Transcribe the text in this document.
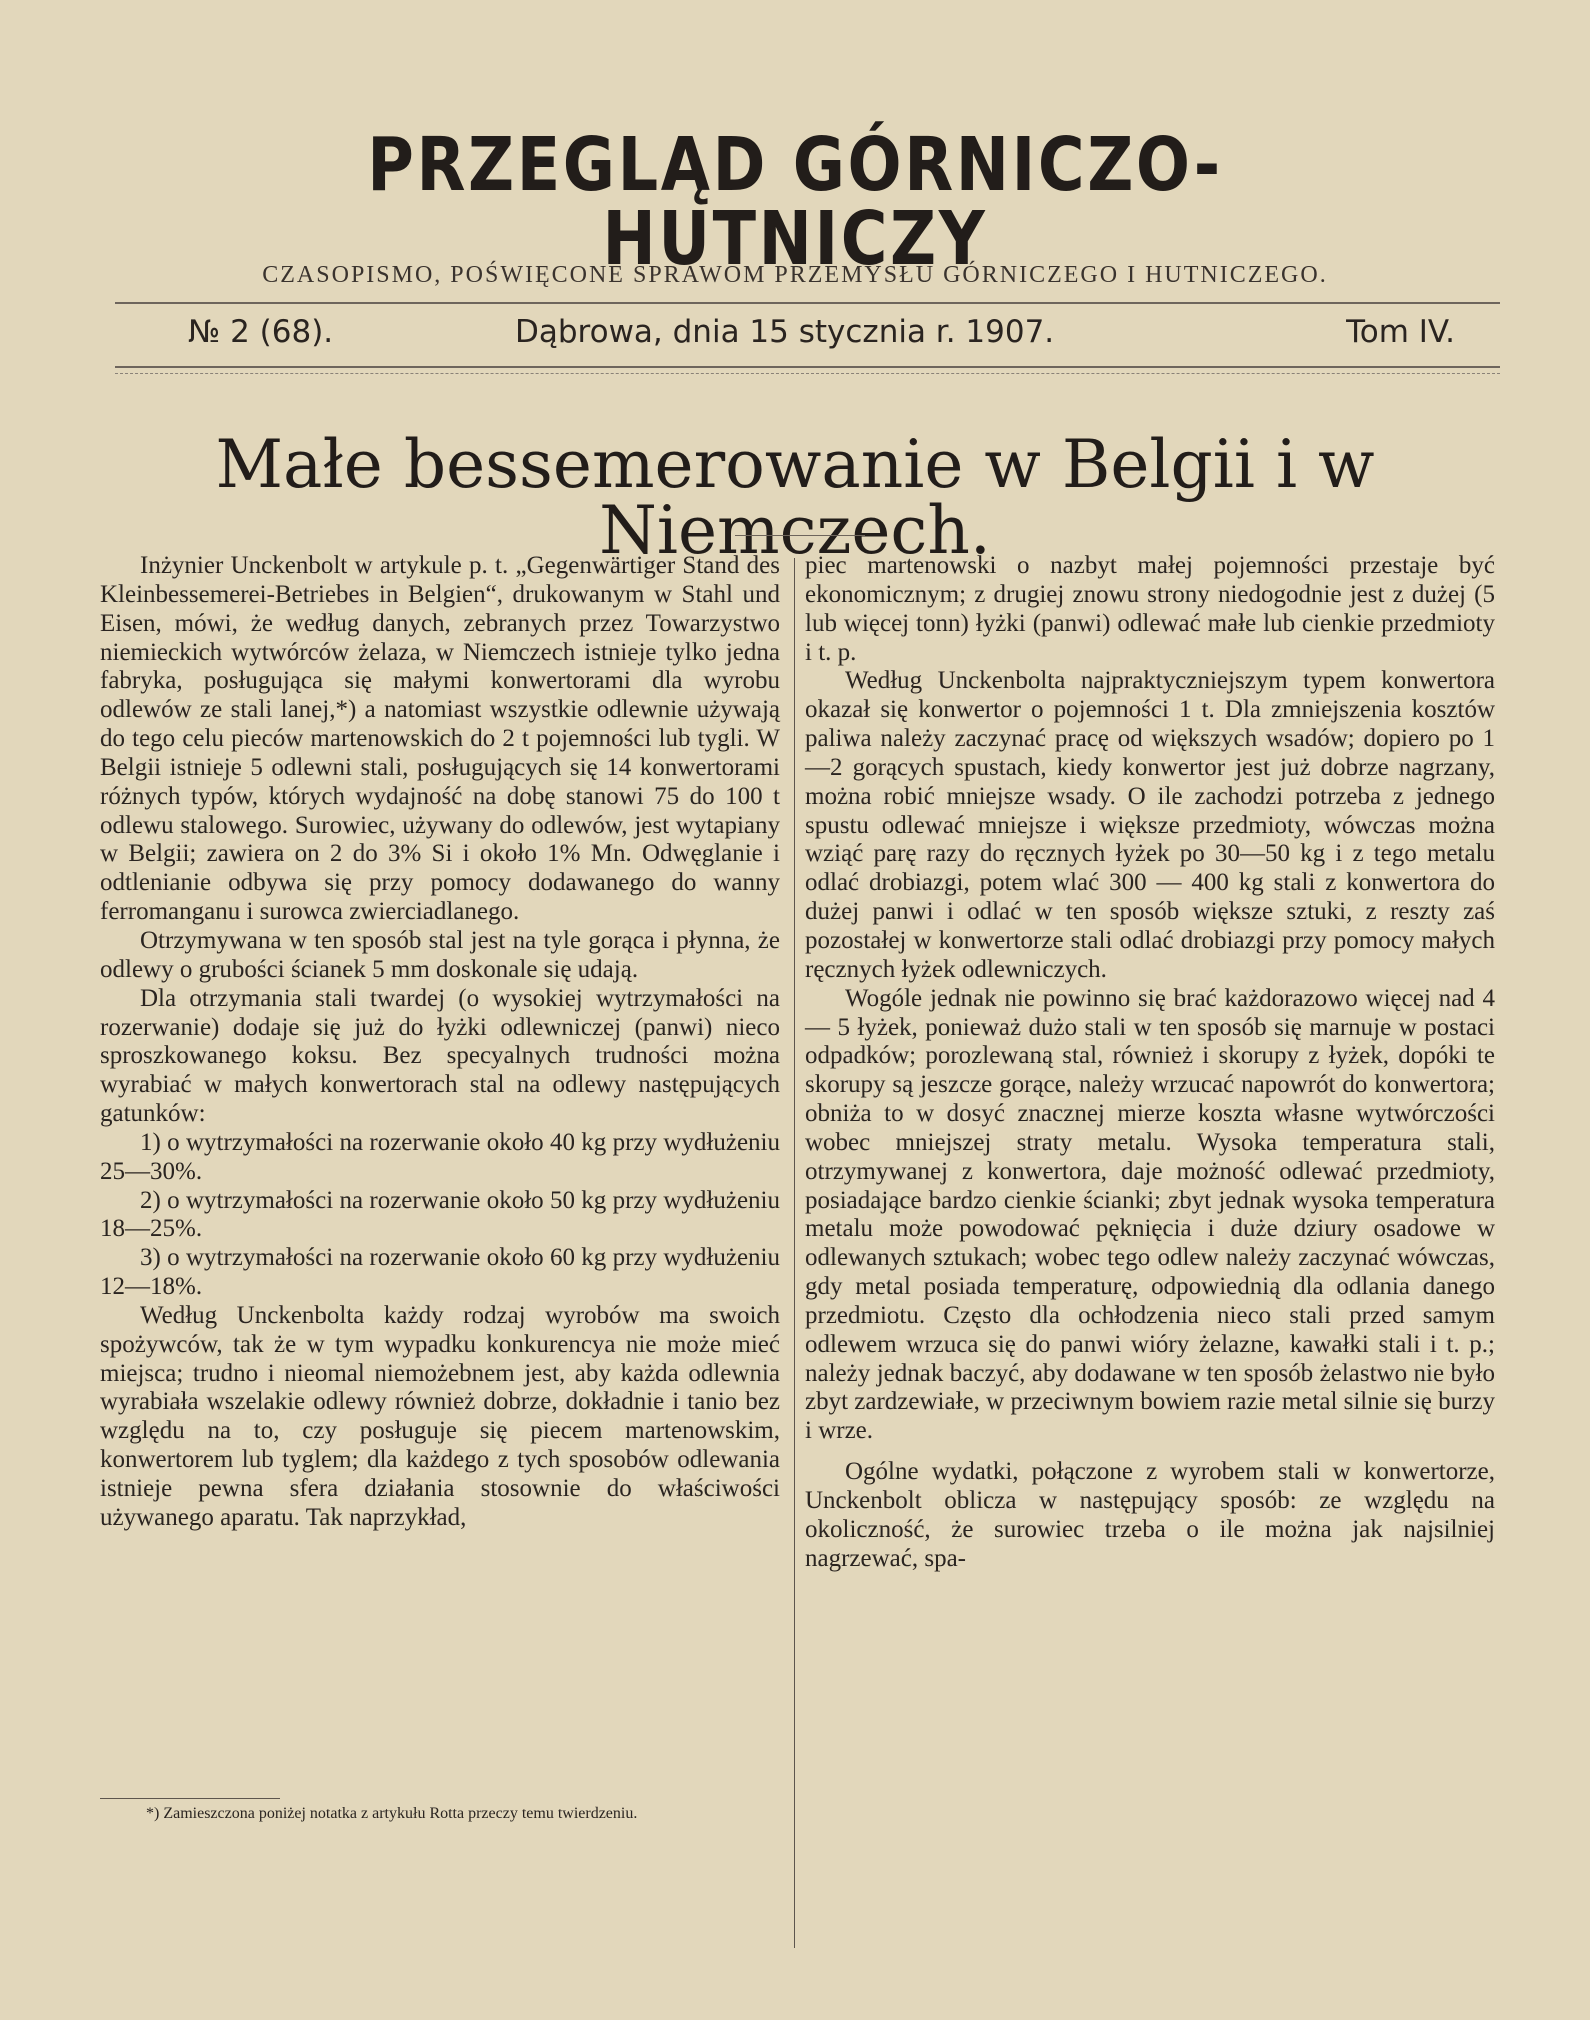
PRZEGLĄD GÓRNICZO-HUTNICZY
CZASOPISMO, POŚWIĘCONE SPRAWOM PRZEMYSŁU GÓRNICZEGO I HUTNICZEGO.
№ 2 (68).	Dąbrowa, dnia 15 stycznia r. 1907.	Tom IV.
Małe bessemerowanie w Belgii i w Niemczech.

Inżynier Unckenbolt w artykule p. t. „Gegenwärtiger Stand des Kleinbessemerei-Betriebes in Belgien“, drukowanym w Stahl und Eisen, mówi, że według danych, zebranych przez Towarzystwo niemieckich wytwórców żelaza, w Niemczech istnieje tylko jedna fabryka, posługująca się małymi konwertorami dla wyrobu odlewów ze stali lanej,*) a natomiast wszystkie odlewnie używają do tego celu pieców martenowskich do 2 t pojemności lub tygli. W Belgii istnieje 5 odlewni stali, posługujących się 14 konwertorami różnych typów, których wydajność na dobę stanowi 75 do 100 t odlewu stalowego. Surowiec, używany do odlewów, jest wytapiany w Belgii; zawiera on 2 do 3% Si i około 1% Mn. Odwęglanie i odtlenianie odbywa się przy pomocy dodawanego do wanny ferromanganu i surowca zwierciadlanego.

Otrzymywana w ten sposób stal jest na tyle gorąca i płynna, że odlewy o grubości ścianek 5 mm doskonale się udają.

Dla otrzymania stali twardej (o wysokiej wytrzymałości na rozerwanie) dodaje się już do łyżki odlewniczej (panwi) nieco sproszkowanego koksu. Bez specyalnych trudności można wyrabiać w małych konwertorach stal na odlewy następujących gatunków:

1) o wytrzymałości na rozerwanie około 40 kg przy wydłużeniu 25—30%.

2) o wytrzymałości na rozerwanie około 50 kg przy wydłużeniu 18—25%.

3) o wytrzymałości na rozerwanie około 60 kg przy wydłużeniu 12—18%.

Według Unckenbolta każdy rodzaj wyrobów ma swoich spożywców, tak że w tym wypadku konkurencya nie może mieć miejsca; trudno i nieomal niemożebnem jest, aby każda odlewnia wyrabiała wszelakie odlewy również dobrze, dokładnie i tanio bez względu na to, czy posługuje się piecem martenowskim, konwertorem lub tyglem; dla każdego z tych sposobów odlewania istnieje pewna sfera działania stosownie do właściwości używanego aparatu. Tak naprzykład,

piec martenowski o nazbyt małej pojemności przestaje być ekonomicznym; z drugiej znowu strony niedogodnie jest z dużej (5 lub więcej tonn) łyżki (panwi) odlewać małe lub cienkie przedmioty i t. p.

Według Unckenbolta najpraktyczniejszym typem konwertora okazał się konwertor o pojemności 1 t. Dla zmniejszenia kosztów paliwa należy zaczynać pracę od większych wsadów; dopiero po 1—2 gorących spustach, kiedy konwertor jest już dobrze nagrzany, można robić mniejsze wsady. O ile zachodzi potrzeba z jednego spustu odlewać mniejsze i większe przedmioty, wówczas można wziąć parę razy do ręcznych łyżek po 30—50 kg i z tego metalu odlać drobiazgi, potem wlać 300 — 400 kg stali z konwertora do dużej panwi i odlać w ten sposób większe sztuki, z reszty zaś pozostałej w konwertorze stali odlać drobiazgi przy pomocy małych ręcznych łyżek odlewniczych.

Wogóle jednak nie powinno się brać każdorazowo więcej nad 4 — 5 łyżek, ponieważ dużo stali w ten sposób się marnuje w postaci odpadków; porozlewaną stal, również i skorupy z łyżek, dopóki te skorupy są jeszcze gorące, należy wrzucać napowrót do konwertora; obniża to w dosyć znacznej mierze koszta własne wytwórczości wobec mniejszej straty metalu. Wysoka temperatura stali, otrzymywanej z konwertora, daje możność odlewać przedmioty, posiadające bardzo cienkie ścianki; zbyt jednak wysoka temperatura metalu może powodować pęknięcia i duże dziury osadowe w odlewanych sztukach; wobec tego odlew należy zaczynać wówczas, gdy metal posiada temperaturę, odpowiednią dla odlania danego przedmiotu. Często dla ochłodzenia nieco stali przed samym odlewem wrzuca się do panwi wióry żelazne, kawałki stali i t. p.; należy jednak baczyć, aby dodawane w ten sposób żelastwo nie było zbyt zardzewiałe, w przeciwnym bowiem razie metal silnie się burzy i wrze.

Ogólne wydatki, połączone z wyrobem stali w konwertorze, Unckenbolt oblicza w następujący sposób: ze względu na okoliczność, że surowiec trzeba o ile można jak najsilniej nagrzewać, spa-

*) Zamieszczona poniżej notatka z artykułu Rotta przeczy temu twierdzeniu.
